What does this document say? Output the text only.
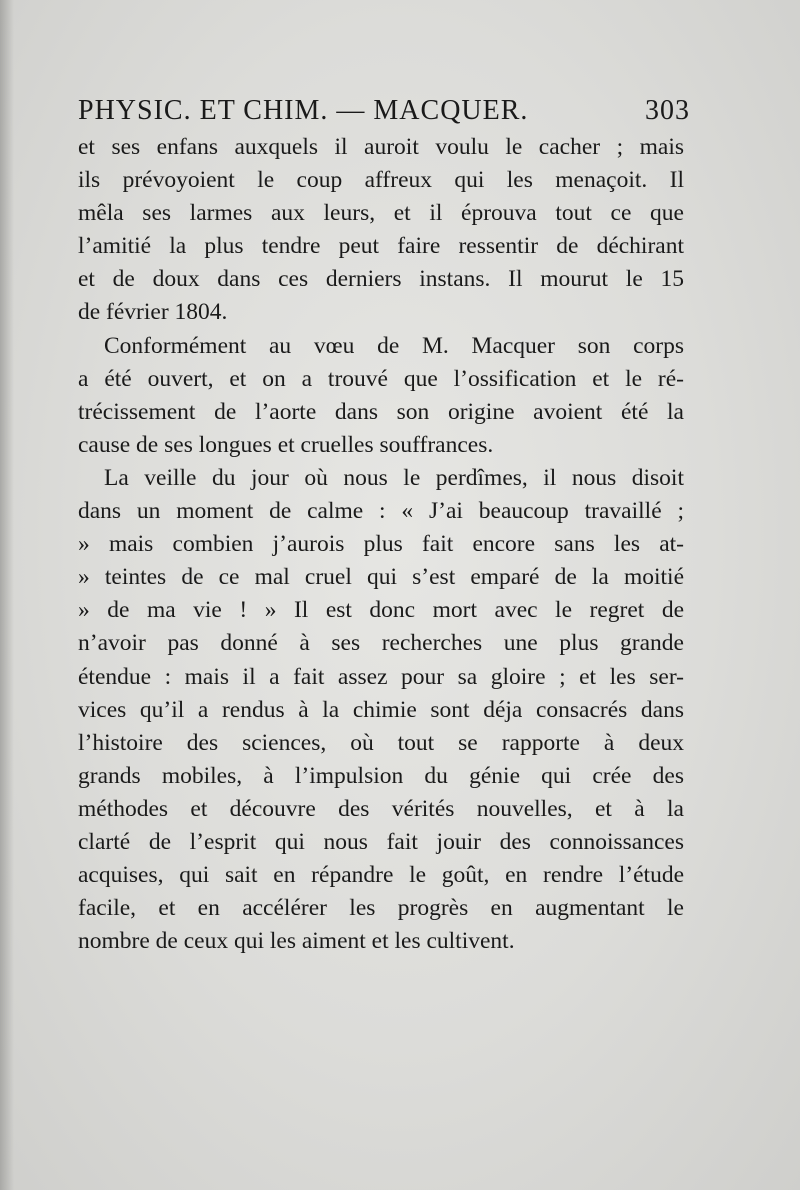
PHYSIC. ET CHIM. — MACQUER.	303
et ses enfans auxquels il auroit voulu le cacher ; mais
ils prévoyoient le coup affreux qui les menaçoit. Il
mêla ses larmes aux leurs, et il éprouva tout ce que
l’amitié la plus tendre peut faire ressentir de déchirant
et de doux dans ces derniers instans. Il mourut le 15
de février 1804.
Conformément au vœu de M. Macquer son corps
a été ouvert, et on a trouvé que l’ossification et le ré-
trécissement de l’aorte dans son origine avoient été la
cause de ses longues et cruelles souffrances.
La veille du jour où nous le perdîmes, il nous disoit
dans un moment de calme : « J’ai beaucoup travaillé ;
» mais combien j’aurois plus fait encore sans les at-
» teintes de ce mal cruel qui s’est emparé de la moitié
» de ma vie ! » Il est donc mort avec le regret de
n’avoir pas donné à ses recherches une plus grande
étendue : mais il a fait assez pour sa gloire ; et les ser-
vices qu’il a rendus à la chimie sont déja consacrés dans
l’histoire des sciences, où tout se rapporte à deux
grands mobiles, à l’impulsion du génie qui crée des
méthodes et découvre des vérités nouvelles, et à la
clarté de l’esprit qui nous fait jouir des connoissances
acquises, qui sait en répandre le goût, en rendre l’étude
facile, et en accélérer les progrès en augmentant le
nombre de ceux qui les aiment et les cultivent.
